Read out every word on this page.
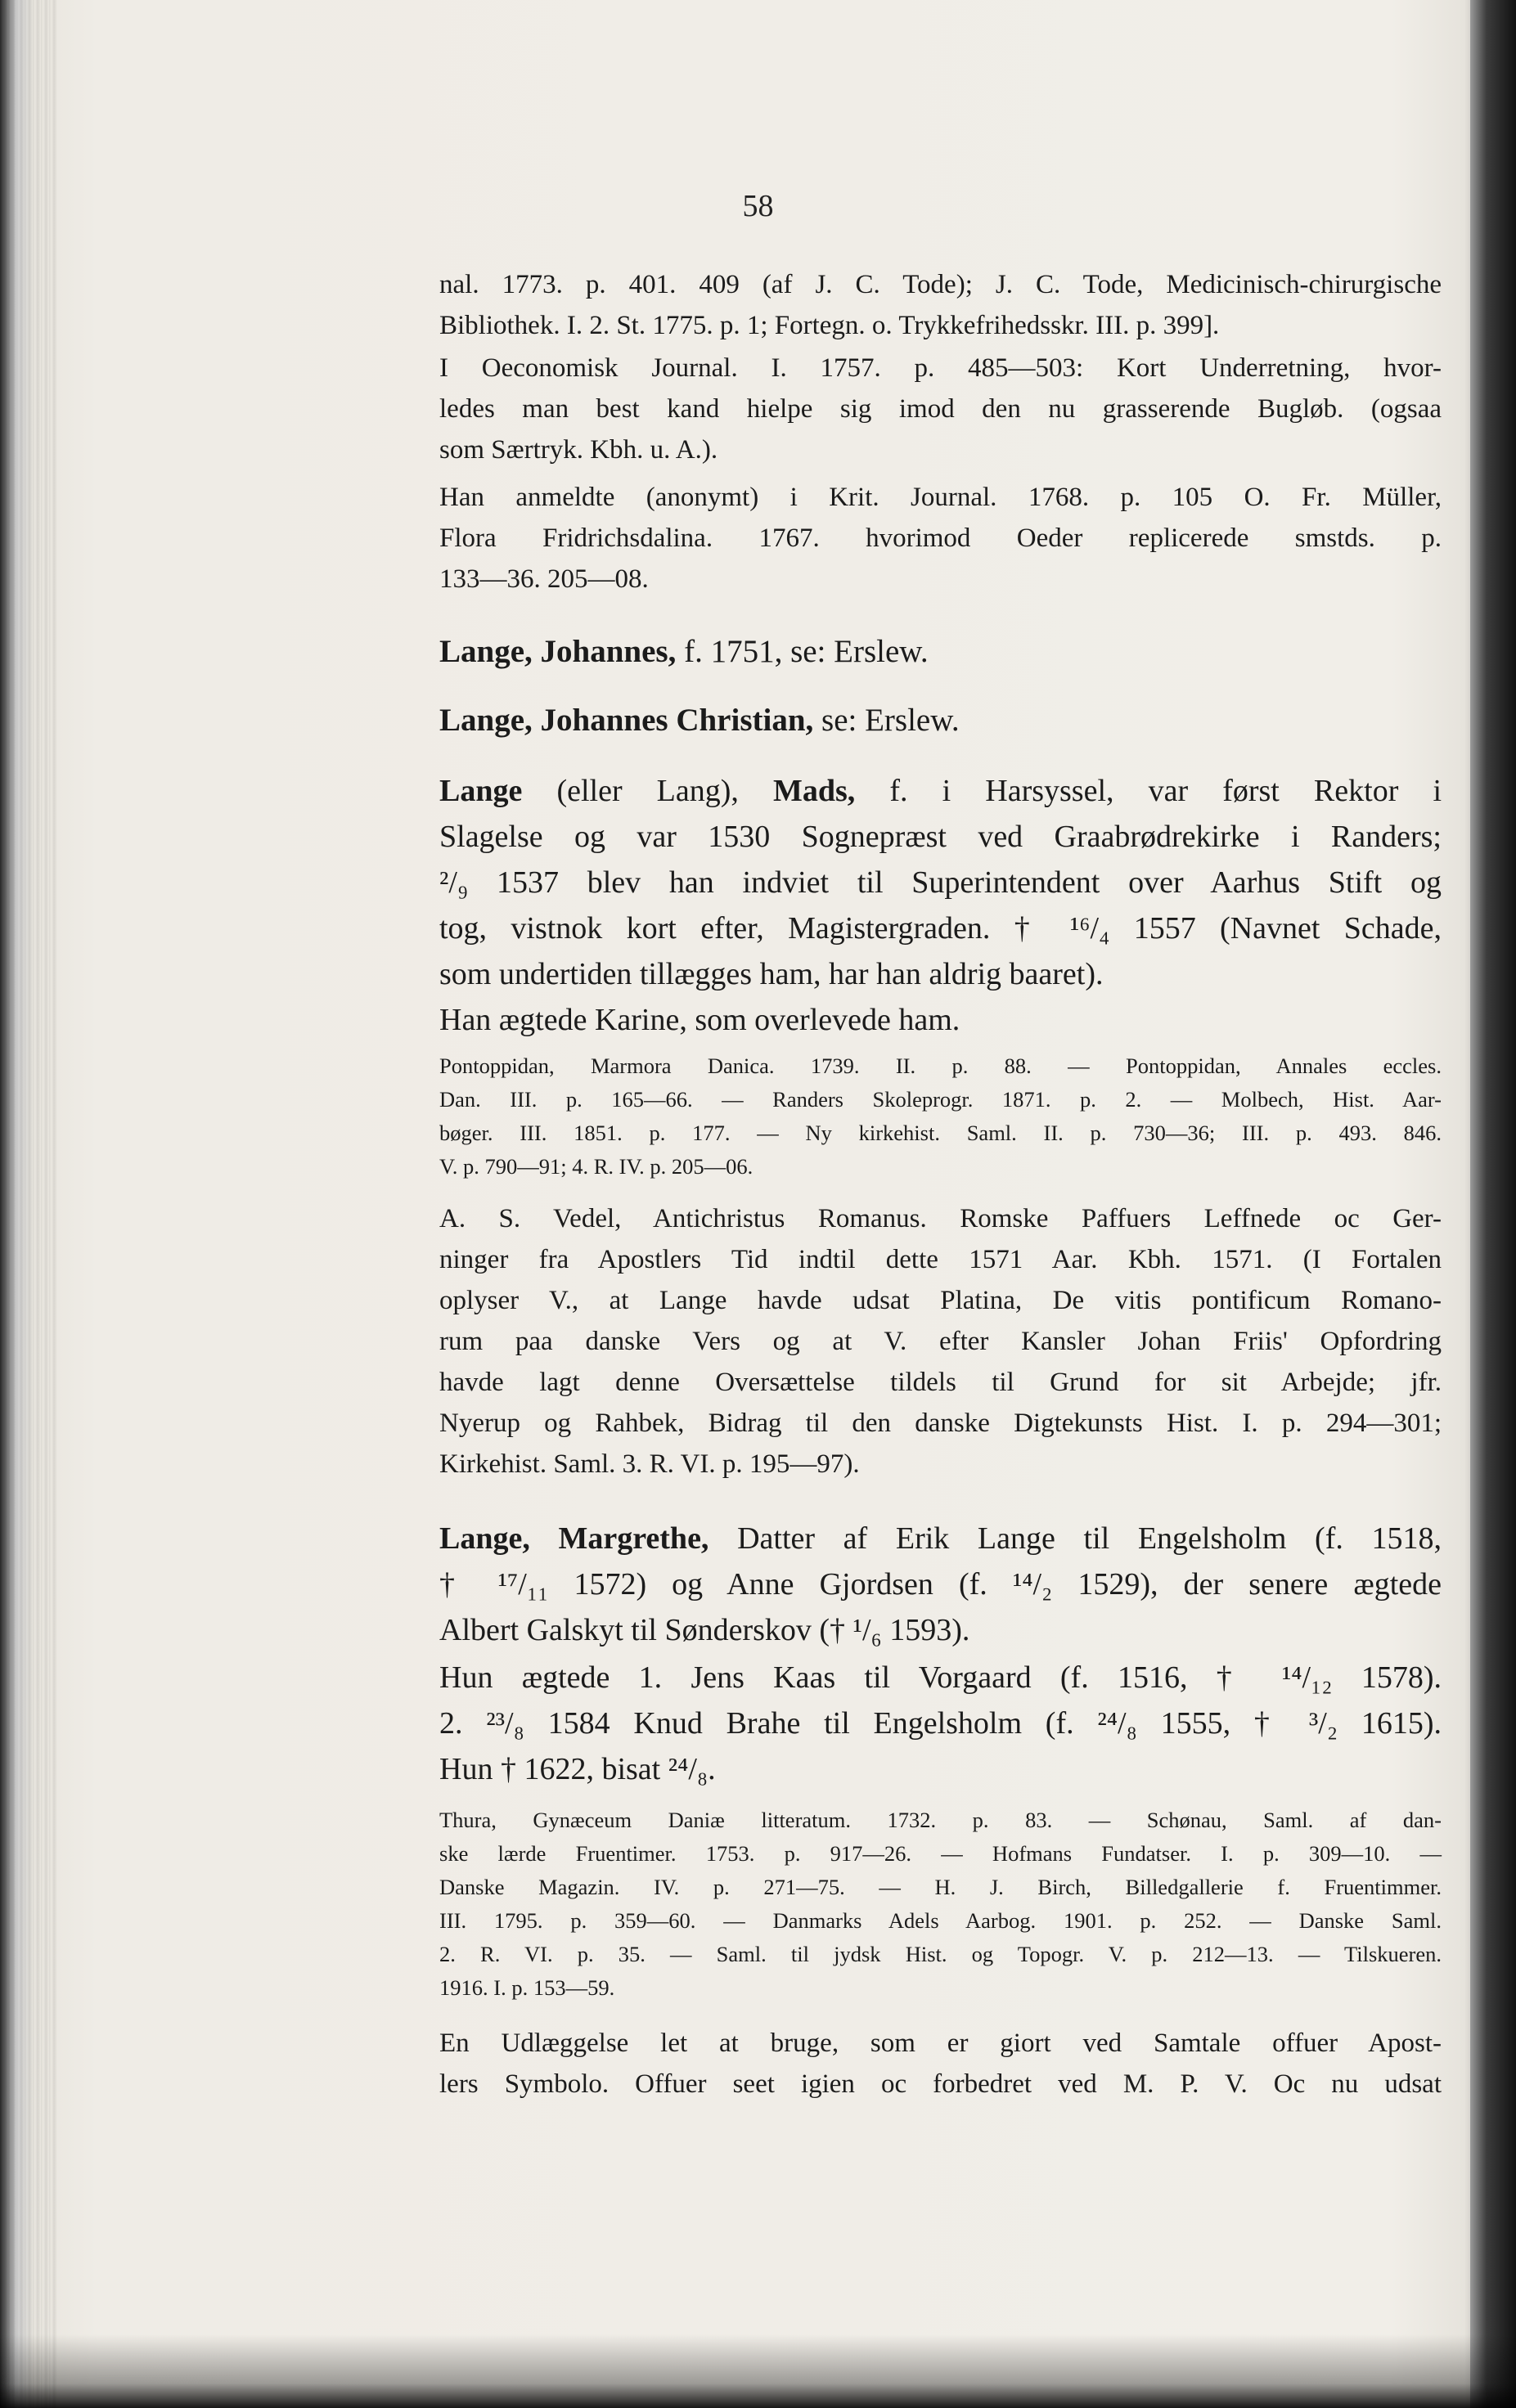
58
nal. 1773. p. 401. 409 (af J. C. Tode); J. C. Tode, Medicinisch-chirurgische
Bibliothek. I. 2. St. 1775. p. 1; Fortegn. o. Trykkefrihedsskr. III. p. 399].
I Oeconomisk Journal. I. 1757. p. 485—503: Kort Underretning, hvor-
ledes man best kand hielpe sig imod den nu grasserende Bugløb. (ogsaa
som Særtryk. Kbh. u. A.).
Han anmeldte (anonymt) i Krit. Journal. 1768. p. 105 O. Fr. Müller,
Flora Fridrichsdalina. 1767. hvorimod Oeder replicerede smstds. p.
133—36. 205—08.
Lange, Johannes, f. 1751, se: Erslew.
Lange, Johannes Christian, se: Erslew.
Lange (eller Lang), Mads, f. i Harsyssel, var først Rektor i
Slagelse og var 1530 Sognepræst ved Graabrødrekirke i Randers;
²/₉ 1537 blev han indviet til Superintendent over Aarhus Stift og
tog, vistnok kort efter, Magistergraden. † ¹⁶/₄ 1557 (Navnet Schade,
som undertiden tillægges ham, har han aldrig baaret).
Han ægtede Karine, som overlevede ham.
Pontoppidan, Marmora Danica. 1739. II. p. 88. — Pontoppidan, Annales eccles.
Dan. III. p. 165—66. — Randers Skoleprogr. 1871. p. 2. — Molbech, Hist. Aar-
bøger. III. 1851. p. 177. — Ny kirkehist. Saml. II. p. 730—36; III. p. 493. 846.
V. p. 790—91; 4. R. IV. p. 205—06.
A. S. Vedel, Antichristus Romanus. Romske Paffuers Leffnede oc Ger-
ninger fra Apostlers Tid indtil dette 1571 Aar. Kbh. 1571. (I Fortalen
oplyser V., at Lange havde udsat Platina, De vitis pontificum Romano-
rum paa danske Vers og at V. efter Kansler Johan Friis' Opfordring
havde lagt denne Oversættelse tildels til Grund for sit Arbejde; jfr.
Nyerup og Rahbek, Bidrag til den danske Digtekunsts Hist. I. p. 294—301;
Kirkehist. Saml. 3. R. VI. p. 195—97).
Lange, Margrethe, Datter af Erik Lange til Engelsholm (f. 1518,
† ¹⁷/₁₁ 1572) og Anne Gjordsen (f. ¹⁴/₂ 1529), der senere ægtede
Albert Galskyt til Sønderskov († ¹/₆ 1593).
Hun ægtede 1. Jens Kaas til Vorgaard (f. 1516, † ¹⁴/₁₂ 1578).
2. ²³/₈ 1584 Knud Brahe til Engelsholm (f. ²⁴/₈ 1555, † ³/₂ 1615).
Hun † 1622, bisat ²⁴/₈.
Thura, Gynæceum Daniæ litteratum. 1732. p. 83. — Schønau, Saml. af dan-
ske lærde Fruentimer. 1753. p. 917—26. — Hofmans Fundatser. I. p. 309—10. —
Danske Magazin. IV. p. 271—75. — H. J. Birch, Billedgallerie f. Fruentimmer.
III. 1795. p. 359—60. — Danmarks Adels Aarbog. 1901. p. 252. — Danske Saml.
2. R. VI. p. 35. — Saml. til jydsk Hist. og Topogr. V. p. 212—13. — Tilskueren.
1916. I. p. 153—59.
En Udlæggelse let at bruge, som er giort ved Samtale offuer Apost-
lers Symbolo. Offuer seet igien oc forbedret ved M. P. V. Oc nu udsat
